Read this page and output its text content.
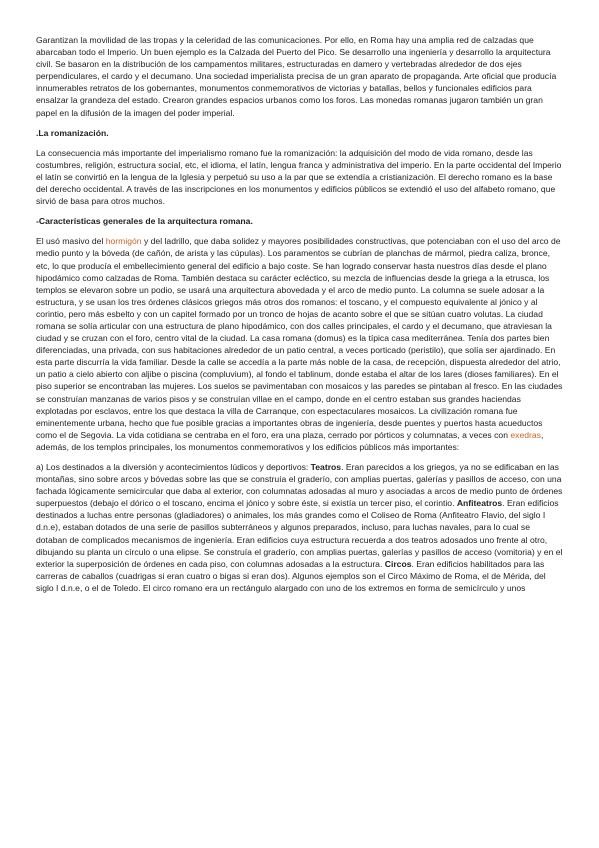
Garantizan la movilidad de las tropas y la celeridad de las comunicaciones. Por ello, en Roma hay una amplia red de calzadas que abarcaban todo el Imperio. Un buen ejemplo es la Calzada del Puerto del Pico. Se desarrollo una ingeniería y desarrollo la arquitectura civil. Se basaron en la distribución de los campamentos militares, estructuradas en damero y vertebradas alrededor de dos ejes perpendiculares, el cardo y el decumano. Una sociedad imperialista precisa de un gran aparato de propaganda. Arte oficial que producía innumerables retratos de los gobernantes, monumentos conmemorativos de victorias y batallas, bellos y funcionales edificios para ensalzar la grandeza del estado. Crearon grandes espacios urbanos como los foros. Las monedas romanas jugaron también un gran papel en la difusión de la imagen del poder imperial.

.La romanización.

La consecuencia más importante del imperialismo romano fue la romanización: la adquisición del modo de vida romano, desde las costumbres, religión, estructura social, etc, el idioma, el latín, lengua franca y administrativa del imperio. En la parte occidental del Imperio el latín se convirtió en la lengua de la Iglesia y perpetuó su uso a la par que se extendía a cristianización. El derecho romano es la base del derecho occidental. A través de las inscripciones en los monumentos y edificios públicos se extendió el uso del alfabeto romano, que sirvió de basa para otros muchos.

-Características generales de la arquitectura romana.

El usó masivo del hormigón y del ladrillo, que daba solidez y mayores posibilidades constructivas, que potenciaban con el uso del arco de medio punto y la bóveda (de cañón, de arista y las cúpulas). Los paramentos se cubrían de planchas de mármol, piedra caliza, bronce, etc, lo que producía el embellecimiento general del edificio a bajo coste. Se han logrado conservar hasta nuestros días desde el plano hipodámico como calzadas de Roma. También destaca su carácter ecléctico, su mezcla de influencias desde la griega a la etrusca, los templos se elevaron sobre un podio, se usará una arquitectura abovedada y el arco de medio punto. La columna se suele adosar a la estructura, y se usan los tres órdenes clásicos griegos más otros dos romanos: el toscano, y el compuesto equivalente al jónico y al corintio, pero más esbelto y con un capitel formado por un tronco de hojas de acanto sobre el que se sitúan cuatro volutas. La ciudad romana se solía articular con una estructura de plano hipodámico, con dos calles principales, el cardo y el decumano, que atraviesan la ciudad y se cruzan con el foro, centro vital de la ciudad. La casa romana (domus) es la típica casa mediterránea. Tenía dos partes bien diferenciadas, una privada, con sus habitaciones alrededor de un patio central, a veces porticado (peristilo), que solía ser ajardinado. En esta parte discurría la vida familiar. Desde la calle se accedía a la parte más noble de la casa, de recepción, dispuesta alrededor del atrio, un patio a cielo abierto con aljibe o piscina (compluvium), al fondo el tablinum, donde estaba el altar de los lares (dioses familiares). En el piso superior se encontraban las mujeres. Los suelos se pavimentaban con mosaicos y las paredes se pintaban al fresco. En las ciudades se construían manzanas de varios pisos y se construían villae en el campo, donde en el centro estaban sus grandes haciendas explotadas por esclavos, entre los que destaca la villa de Carranque, con espectaculares mosaicos. La civilización romana fue eminentemente urbana, hecho que fue posible gracias a importantes obras de ingeniería, desde puentes y puertos hasta acueductos como el de Segovia. La vida cotidiana se centraba en el foro, era una plaza, cerrado por pórticos y columnatas, a veces con exedras, además, de los templos principales, los monumentos conmemorativos y los edificios públicos más importantes:

a) Los destinados a la diversión y acontecimientos lúdicos y deportivos: Teatros. Eran parecidos a los griegos, ya no se edificaban en las montañas, sino sobre arcos y bóvedas sobre las que se construía el graderío, con amplias puertas, galerías y pasillos de acceso, con una fachada lógicamente semicircular que daba al exterior, con columnatas adosadas al muro y asociadas a arcos de medio punto de órdenes superpuestos (debajo el dórico o el toscano, encima el jónico y sobre éste, si existía un tercer piso, el corintio. Anfiteatros. Eran edificios destinados a luchas entre personas (gladiadores) o animales, los más grandes como el Coliseo de Roma (Anfiteatro Flavio, del siglo I d.n.e), estaban dotados de una serie de pasillos subterráneos y algunos preparados, incluso, para luchas navales, para lo cual se dotaban de complicados mecanismos de ingeniería. Eran edificios cuya estructura recuerda a dos teatros adosados uno frente al otro, dibujando su planta un círculo o una elipse. Se construía el graderío, con amplias puertas, galerías y pasillos de acceso (vomitoria) y en el exterior la superposición de órdenes en cada piso, con columnas adosadas a la estructura. Circos. Eran edificios habilitados para las carreras de caballos (cuadrigas si eran cuatro o bigas si eran dos). Algunos ejemplos son el Circo Máximo de Roma, el de Mérida, del siglo I d.n.e, o el de Toledo. El circo romano era un rectángulo alargado con uno de los extremos en forma de semicírculo y unos
